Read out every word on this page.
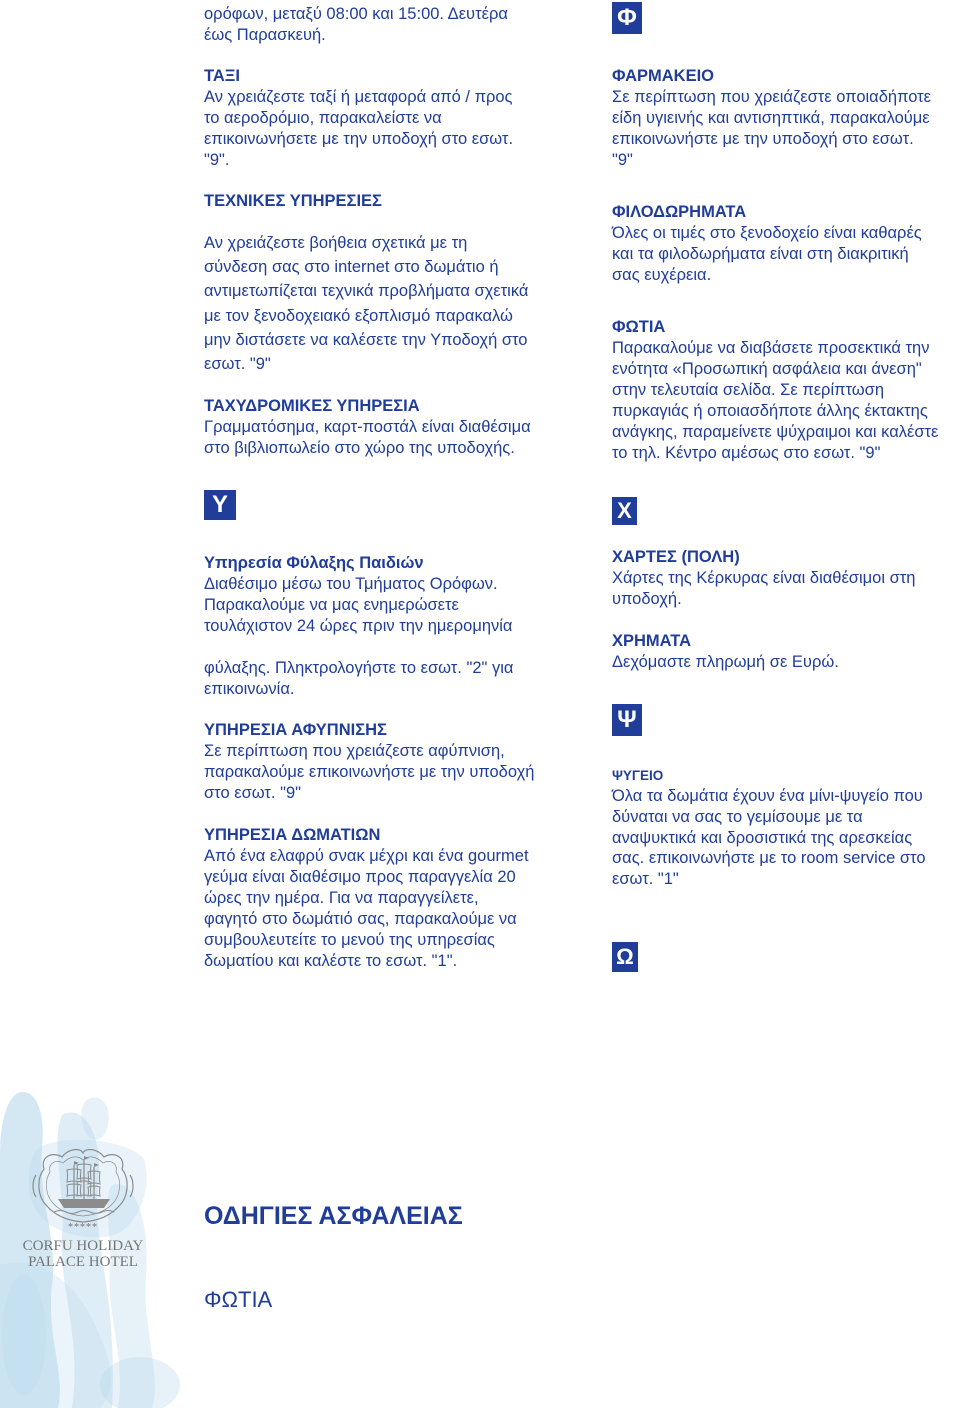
ορόφων, μεταξύ 08:00 και 15:00. Δευτέρα
έως Παρασκευή.
ΤΑΞΙ
Αν χρειάζεστε ταξί ή μεταφορά από / προς
το αεροδρόμιο, παρακαλείστε να
επικοινωνήσετε με την υποδοχή στο εσωτ.
"9".
ΤΕΧΝΙΚΕΣ ΥΠΗΡΕΣΙΕΣ
Αν χρειάζεστε βοήθεια σχετικά με τη
σύνδεση σας στο internet στο δωμάτιο ή
αντιμετωπίζεται τεχνικά προβλήματα σχετικά
με τον ξενοδοχειακό εξοπλισμό παρακαλώ
μην διστάσετε να καλέσετε την Υποδοχή στο
εσωτ. "9"
ΤΑΧΥΔΡΟΜΙΚΕΣ ΥΠΗΡΕΣΙΑ
Γραμματόσημα, καρτ-ποστάλ είναι διαθέσιμα
στο βιβλιοπωλείο στο χώρο της υποδοχής.
Υ
Υπηρεσία Φύλαξης Παιδιών
Διαθέσιμο μέσω του Τμήματος Ορόφων.
Παρακαλούμε να μας ενημερώσετε
τουλάχιστον 24 ώρες πριν την ημερομηνία
φύλαξης. Πληκτρολογήστε το εσωτ. "2" για
επικοινωνία.
ΥΠΗΡΕΣΙΑ ΑΦΥΠΝΙΣΗΣ
Σε περίπτωση που χρειάζεστε αφύπνιση,
παρακαλούμε επικοινωνήστε με την υποδοχή
στο εσωτ. "9"
ΥΠΗΡΕΣΙΑ ΔΩΜΑΤΙΩΝ
Από ένα ελαφρύ σνακ μέχρι και ένα gourmet
γεύμα είναι διαθέσιμο προς παραγγελία 20
ώρες την ημέρα. Για να παραγγείλετε,
φαγητό στο δωμάτιό σας, παρακαλούμε να
συμβουλευτείτε το μενού της υπηρεσίας
δωματίου και καλέστε το εσωτ. "1".
Φ
ΦΑΡΜΑΚΕΙΟ
Σε περίπτωση που χρειάζεστε οποιαδήποτε
είδη υγιεινής και αντισηπτικά, παρακαλούμε
επικοινωνήστε με την υποδοχή στο εσωτ.
"9"
ΦΙΛΟΔΩΡΗΜΑΤΑ
Όλες οι τιμές στο ξενοδοχείο είναι καθαρές
και τα φιλοδωρήματα είναι στη διακριτική
σας ευχέρεια.
ΦΩΤΙΑ
Παρακαλούμε να διαβάσετε προσεκτικά την
ενότητα «Προσωπική ασφάλεια και άνεση"
στην τελευταία σελίδα. Σε περίπτωση
πυρκαγιάς ή οποιασδήποτε άλλης έκτακτης
ανάγκης, παραμείνετε ψύχραιμοι και καλέστε
το τηλ. Κέντρο αμέσως στο εσωτ. "9"
Χ
ΧΑΡΤΕΣ (ΠΟΛΗ)
Χάρτες της Κέρκυρας είναι διαθέσιμοι στη
υποδοχή.
ΧΡΗΜΑΤΑ
Δεχόμαστε πληρωμή σε Ευρώ.
Ψ
ΨΥΓΕΙΟ
Όλα τα δωμάτια έχουν ένα μίνι-ψυγείο που
δύναται να σας το γεμίσουμε με τα
αναψυκτικά και δροσιστικά της αρεσκείας
σας. επικοινωνήστε με το room service στο
εσωτ. "1"
Ω
ΟΔΗΓΙΕΣ ΑΣΦΑΛΕΙΑΣ
ΦΩΤΙΑ
*****
CORFU HOLIDAY
PALACE HOTEL
